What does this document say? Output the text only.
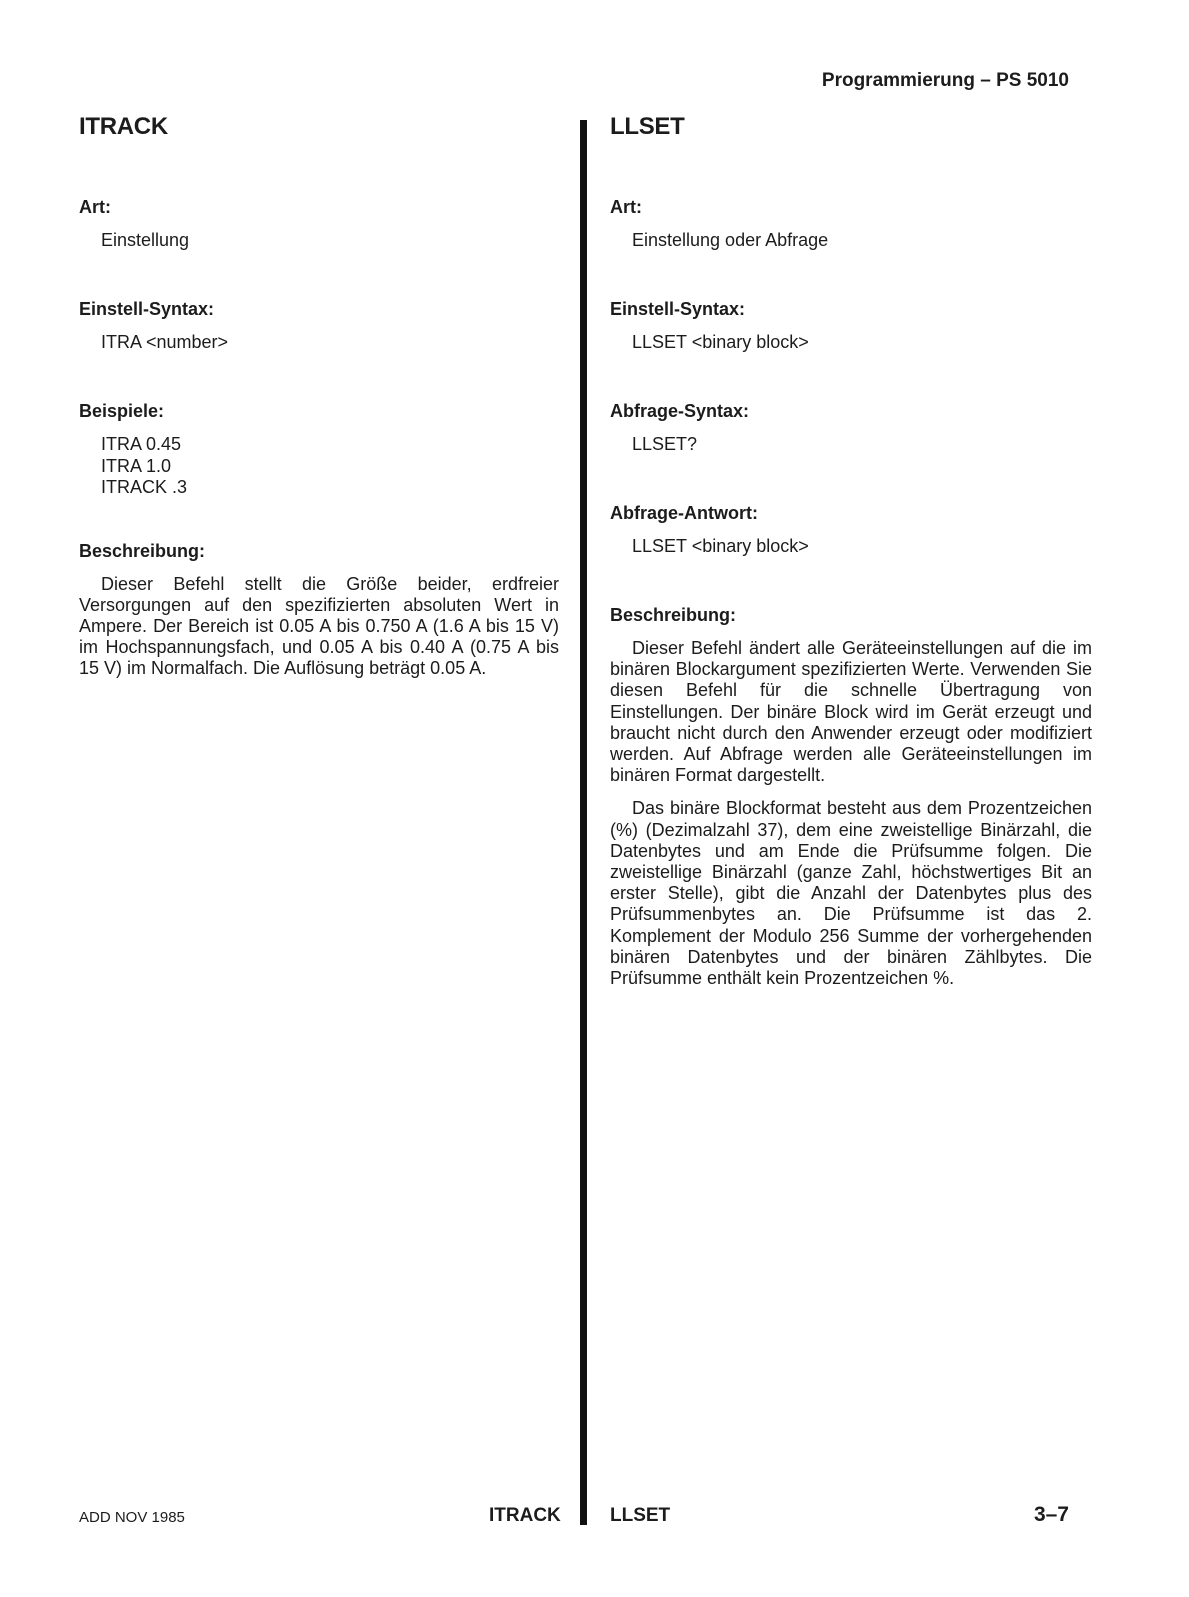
Programmierung – PS 5010
ITRACK
Art:
Einstellung
Einstell-Syntax:
ITRA <number>
Beispiele:
ITRA 0.45
ITRA 1.0
ITRACK .3
Beschreibung:

Dieser Befehl stellt die Größe beider, erdfreier Versorgungen auf den spezifizierten absoluten Wert in Ampere. Der Bereich ist 0.05 A bis 0.750 A (1.6 A bis 15 V) im Hochspannungsfach, und 0.05 A bis 0.40 A (0.75 A bis 15 V) im Normalfach. Die Auflösung beträgt 0.05 A.

LLSET
Art:
Einstellung oder Abfrage
Einstell-Syntax:
LLSET <binary block>
Abfrage-Syntax:
LLSET?
Abfrage-Antwort:
LLSET <binary block>
Beschreibung:

Dieser Befehl ändert alle Geräteeinstellungen auf die im binären Blockargument spezifizierten Werte. Verwenden Sie diesen Befehl für die schnelle Übertragung von Einstellungen. Der binäre Block wird im Gerät erzeugt und braucht nicht durch den Anwender erzeugt oder modifiziert werden. Auf Abfrage werden alle Geräteeinstellungen im binären Format dargestellt.

Das binäre Blockformat besteht aus dem Prozentzeichen (%) (Dezimalzahl 37), dem eine zweistellige Binärzahl, die Datenbytes und am Ende die Prüfsumme folgen. Die zweistellige Binärzahl (ganze Zahl, höchstwertiges Bit an erster Stelle), gibt die Anzahl der Datenbytes plus des Prüfsummenbytes an. Die Prüfsumme ist das 2. Komplement der Modulo 256 Summe der vorhergehenden binären Datenbytes und der binären Zählbytes. Die Prüfsumme enthält kein Prozentzeichen %.

ADD NOV 1985	ITRACK	LLSET	3–7
